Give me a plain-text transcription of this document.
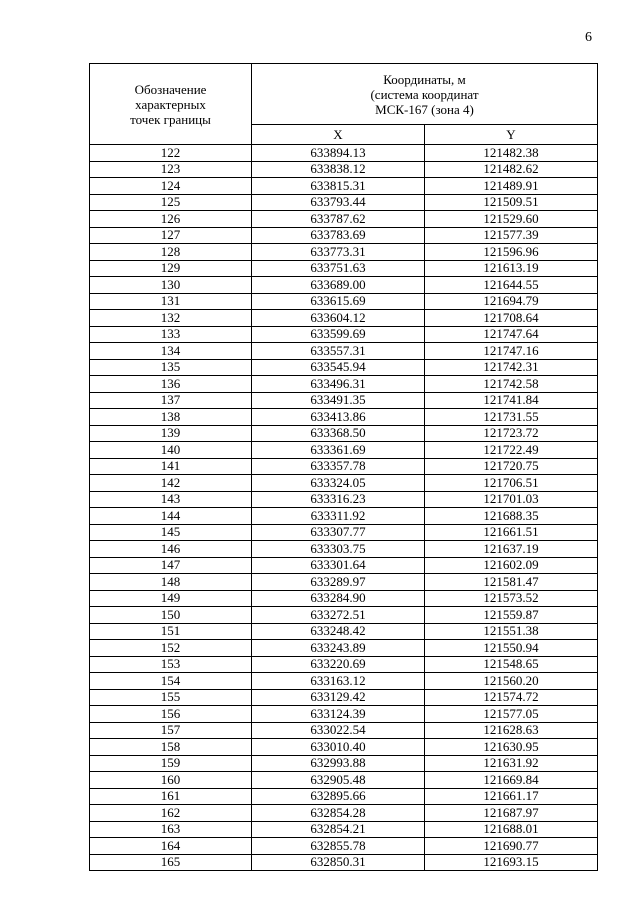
6
Обозначение
характерных
точек границы	Координаты, м
(система координат
МСК-167 (зона 4)	

	X	Y
122	633894.13	121482.38
123	633838.12	121482.62
124	633815.31	121489.91
125	633793.44	121509.51
126	633787.62	121529.60
127	633783.69	121577.39
128	633773.31	121596.96
129	633751.63	121613.19
130	633689.00	121644.55
131	633615.69	121694.79
132	633604.12	121708.64
133	633599.69	121747.64
134	633557.31	121747.16
135	633545.94	121742.31
136	633496.31	121742.58
137	633491.35	121741.84
138	633413.86	121731.55
139	633368.50	121723.72
140	633361.69	121722.49
141	633357.78	121720.75
142	633324.05	121706.51
143	633316.23	121701.03
144	633311.92	121688.35
145	633307.77	121661.51
146	633303.75	121637.19
147	633301.64	121602.09
148	633289.97	121581.47
149	633284.90	121573.52
150	633272.51	121559.87
151	633248.42	121551.38
152	633243.89	121550.94
153	633220.69	121548.65
154	633163.12	121560.20
155	633129.42	121574.72
156	633124.39	121577.05
157	633022.54	121628.63
158	633010.40	121630.95
159	632993.88	121631.92
160	632905.48	121669.84
161	632895.66	121661.17
162	632854.28	121687.97
163	632854.21	121688.01
164	632855.78	121690.77
165	632850.31	121693.15
